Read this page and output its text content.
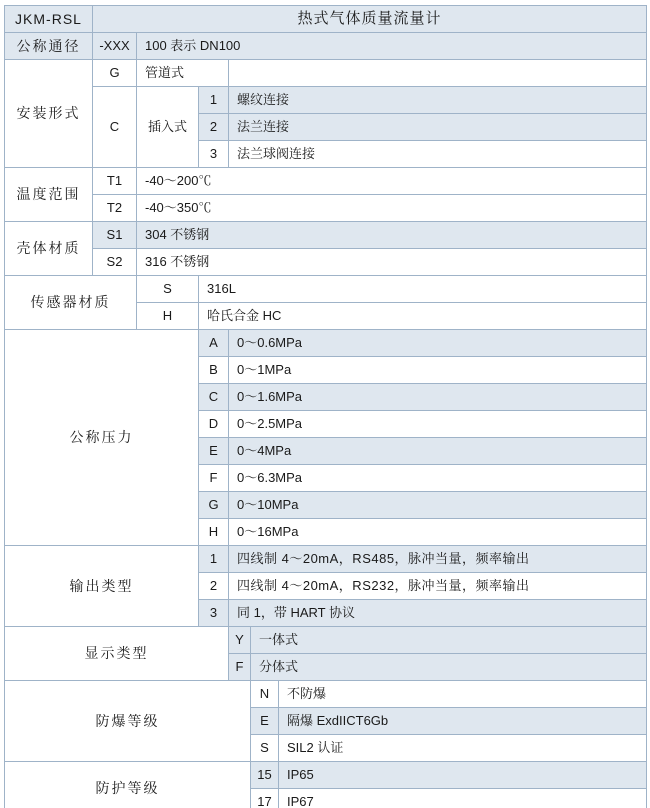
JKM-RSL	热式气体质量流量计					

公称通径	-XXX	100 表示 DN100				

安装形式	G	管道式				

	C	插入式	1	螺纹连接		

			2	法兰连接		

			3	法兰球阀连接		

温度范围	T1	-40～200℃				

	T2	-40～350℃				

壳体材质	S1	304 不锈钢				

	S2	316 不锈钢				

传感器材质		S	316L			

		H	哈氏合金 HC			

公称压力			A	0～0.6MPa		

			B	0～1MPa		

			C	0～1.6MPa		

			D	0～2.5MPa		

			E	0～4MPa		

			F	0～6.3MPa		

			G	0～10MPa		

			H	0～16MPa		

输出类型			1	四线制 4～20mA，RS485，脉冲当量，频率输出		

			2	四线制 4～20mA，RS232，脉冲当量，频率输出		

			3	同 1，带 HART 协议		

显示类型				Y	一体式	

				F	分体式	

防爆等级					N	不防爆

					E	隔爆 ExdIICT6Gb

					S	SIL2 认证

防护等级					15	IP65

					17	IP67
